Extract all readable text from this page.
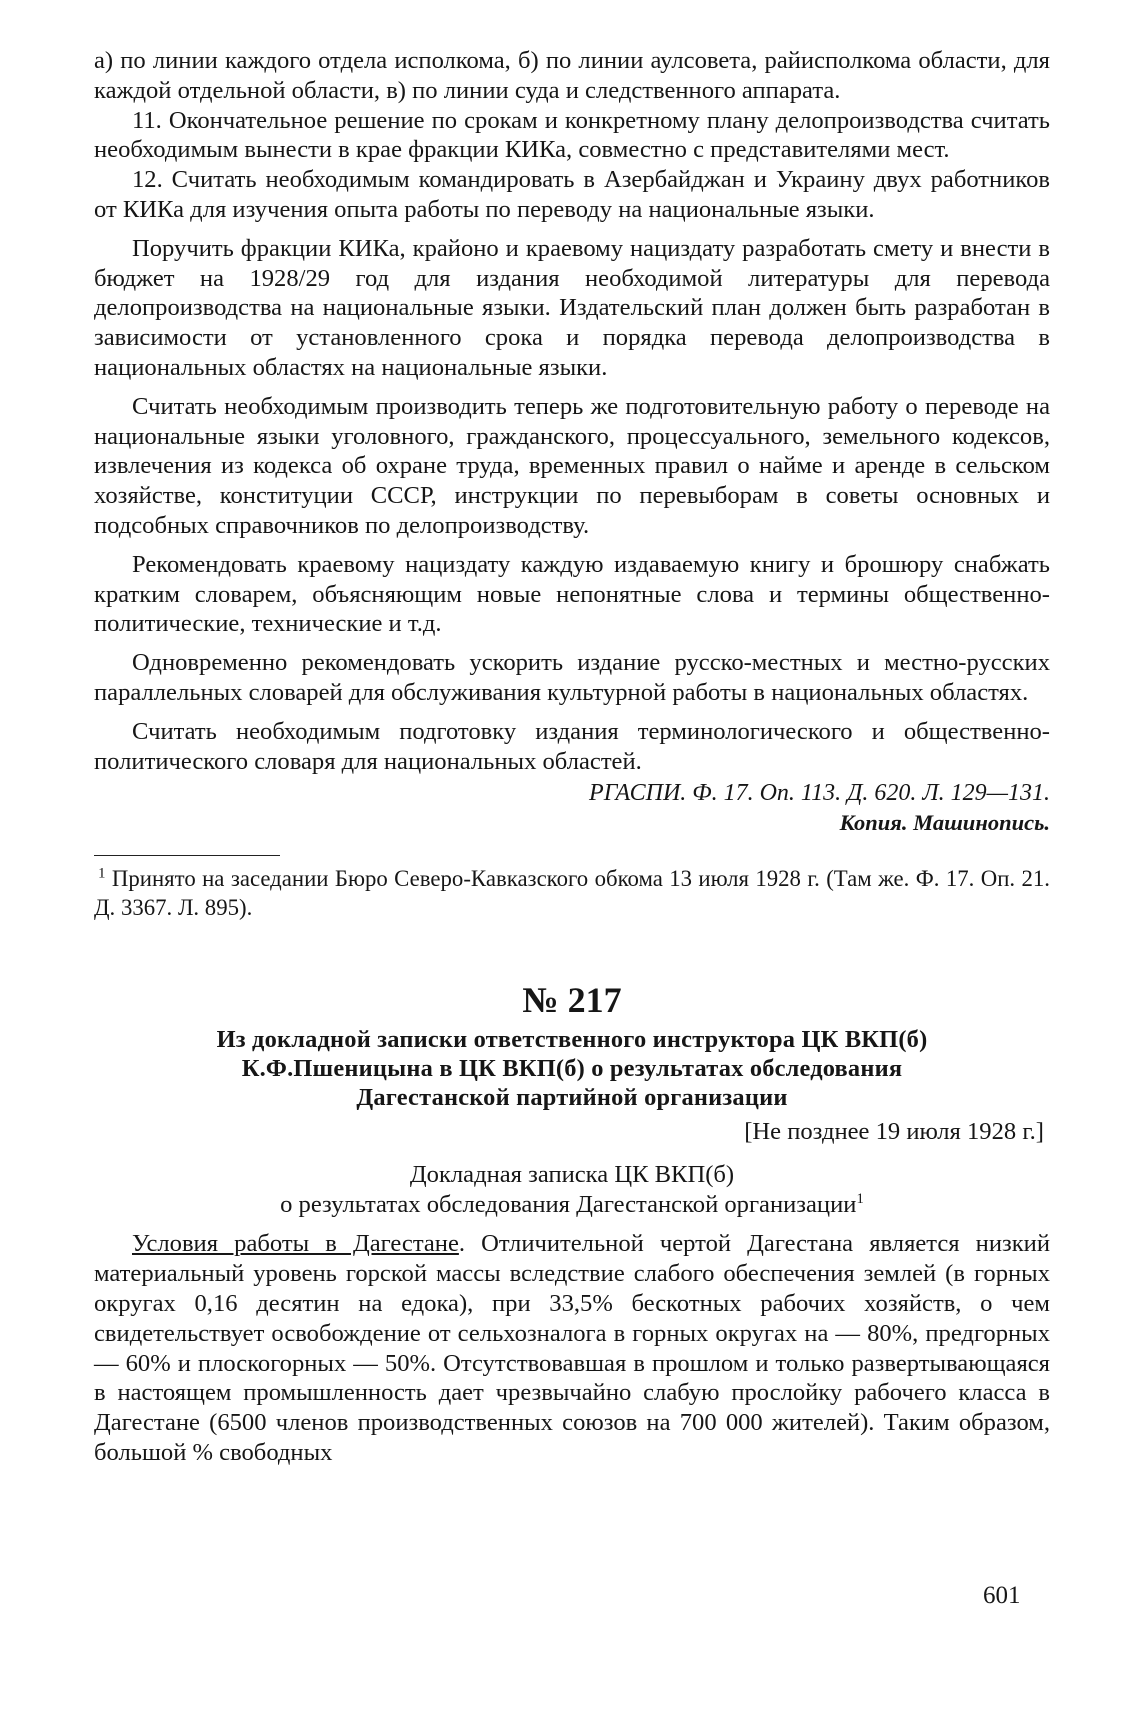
а) по линии каждого отдела исполкома, б) по линии аулсовета, райисполкома области, для каждой отдельной области, в) по линии суда и следственного аппарата.

11. Окончательное решение по срокам и конкретному плану делопроизводства считать необходимым вынести в крае фракции КИКа, совместно с представителями мест.

12. Считать необходимым командировать в Азербайджан и Украину двух работников от КИКа для изучения опыта работы по переводу на национальные языки.

Поручить фракции КИКа, крайоно и краевому нациздату разработать смету и внести в бюджет на 1928/29 год для издания необходимой литературы для перевода делопроизводства на национальные языки. Издательский план должен быть разработан в зависимости от установленного срока и порядка перевода делопроизводства в национальных областях на национальные языки.

Считать необходимым производить теперь же подготовительную работу о переводе на национальные языки уголовного, гражданского, процессуального, земельного кодексов, извлечения из кодекса об охране труда, временных правил о найме и аренде в сельском хозяйстве, конституции СССР, инструкции по перевыборам в советы основных и подсобных справочников по делопроизводству.

Рекомендовать краевому нациздату каждую издаваемую книгу и брошюру снабжать кратким словарем, объясняющим новые непонятные слова и термины общественно-политические, технические и т.д.

Одновременно рекомендовать ускорить издание русско-местных и местно-русских параллельных словарей для обслуживания культурной работы в национальных областях.

Считать необходимым подготовку издания терминологического и общественно-политического словаря для национальных областей.

РГАСПИ. Ф. 17. Оп. 113. Д. 620. Л. 129—131.
Копия. Машинопись.

$^1$ Принято на заседании Бюро Северо-Кавказского обкома 13 июля 1928 г. (Там же. Ф. 17. Оп. 21. Д. 3367. Л. 895).

№ 217
Из докладной записки ответственного инструктора ЦК ВКП(б)
К.Ф.Пшеницына в ЦК ВКП(б) о результатах обследования
Дагестанской партийной организации
[Не позднее 19 июля 1928 г.]
Докладная записка ЦК ВКП(б)
о результатах обследования Дагестанской организации$^1$

Условия работы в Дагестане. Отличительной чертой Дагестана является низкий материальный уровень горской массы вследствие слабого обеспечения землей (в горных округах 0,16 десятин на едока), при 33,5% бескотных рабочих хозяйств, о чем свидетельствует освобождение от сельхозналога в горных округах на — 80%, предгорных — 60% и плоскогорных — 50%. Отсутствовавшая в прошлом и только развертывающаяся в настоящем промышленность дает чрезвычайно слабую прослойку рабочего класса в Дагестане (6500 членов производственных союзов на 700 000 жителей). Таким образом, большой % свободных

601
